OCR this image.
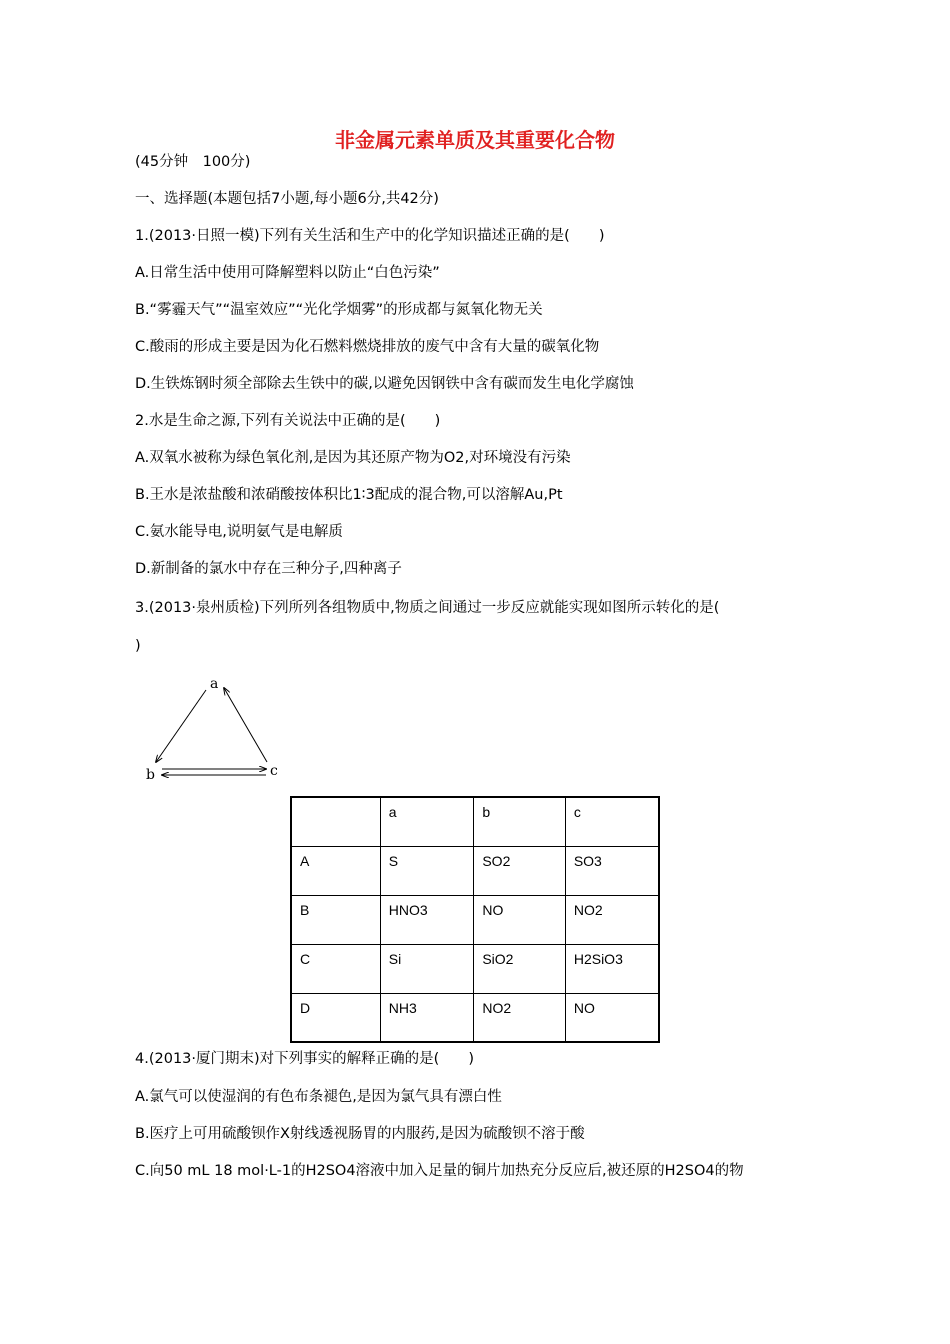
非金属元素单质及其重要化合物
(45分钟　100分)
一、选择题(本题包括7小题,每小题6分,共42分)
1.(2013·日照一模)下列有关生活和生产中的化学知识描述正确的是(　　)
A.日常生活中使用可降解塑料以防止“白色污染”
B.“雾霾天气”“温室效应”“光化学烟雾”的形成都与氮氧化物无关
C.酸雨的形成主要是因为化石燃料燃烧排放的废气中含有大量的碳氧化物
D.生铁炼钢时须全部除去生铁中的碳,以避免因钢铁中含有碳而发生电化学腐蚀
2.水是生命之源,下列有关说法中正确的是(　　)
A.双氧水被称为绿色氧化剂,是因为其还原产物为O2,对环境没有污染
B.王水是浓盐酸和浓硝酸按体积比1∶3配成的混合物,可以溶解Au,Pt
C.氨水能导电,说明氨气是电解质
D.新制备的氯水中存在三种分子,四种离子
3.(2013·泉州质检)下列所列各组物质中,物质之间通过一步反应就能实现如图所示转化的是(
)
a
b	c
	a	b	c
A	S	SO2	SO3
B	HNO3	NO	NO2
C	Si	SiO2	H2SiO3
D	NH3	NO2	NO
4.(2013·厦门期末)对下列事实的解释正确的是(　　)
A.氯气可以使湿润的有色布条褪色,是因为氯气具有漂白性
B.医疗上可用硫酸钡作X射线透视肠胃的内服药,是因为硫酸钡不溶于酸
C.向50 mL 18 mol·L-1的H2SO4溶液中加入足量的铜片加热充分反应后,被还原的H2SO4的物
